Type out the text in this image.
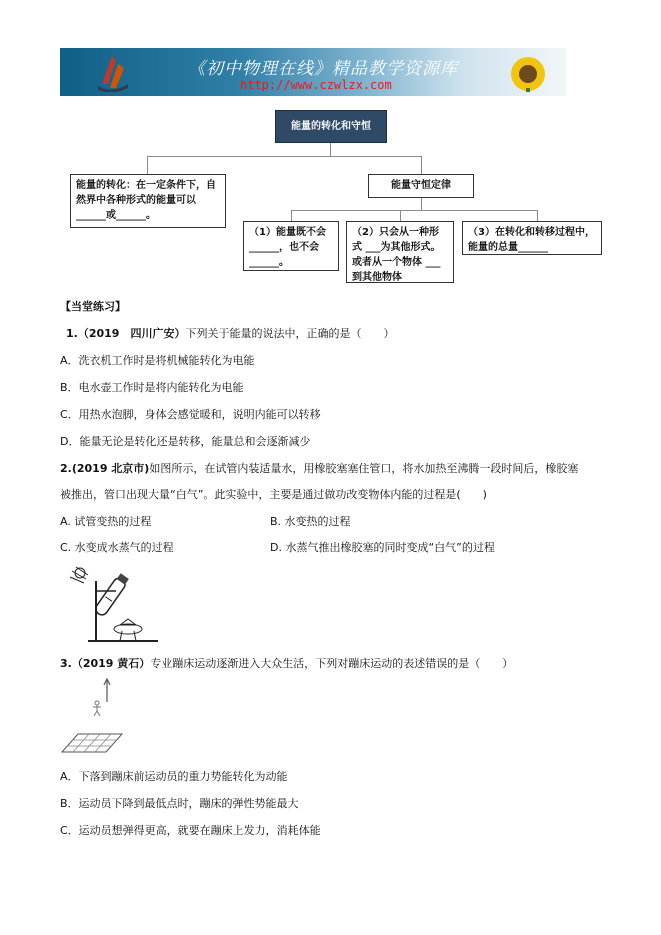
《初中物理在线》精品教学资源库
http://www.czwlzx.com
能量的转化和守恒
能量的转化：在一定条件下，自然界中各种形式的能量可以______或______。
能量守恒定律
（1）能量既不会______，也不会______。
（2）只会从一种形式 ___为其他形式。或者从一个物体 ___到其他物体
（3）在转化和转移过程中，能量的总量______
【当堂练习】
1.（2019　四川广安）下列关于能量的说法中，正确的是（　　）
A．洗衣机工作时是将机械能转化为电能
B．电水壶工作时是将内能转化为电能
C．用热水泡脚，身体会感觉暖和，说明内能可以转移
D．能量无论是转化还是转移，能量总和会逐渐减少
2.(2019 北京市)如图所示，在试管内装适量水，用橡胶塞塞住管口，将水加热至沸腾一段时间后，橡胶塞
被推出，管口出现大量“白气”。此实验中，主要是通过做功改变物体内能的过程是(　　)
A. 试管变热的过程	B. 水变热的过程
C. 水变成水蒸气的过程	D. 水蒸气推出橡胶塞的同时变成“白气”的过程
3.（2019 黄石）专业蹦床运动逐渐进入大众生活，下列对蹦床运动的表述错误的是（　　）
A．下落到蹦床前运动员的重力势能转化为动能
B．运动员下降到最低点时，蹦床的弹性势能最大
C．运动员想弹得更高，就要在蹦床上发力，消耗体能
